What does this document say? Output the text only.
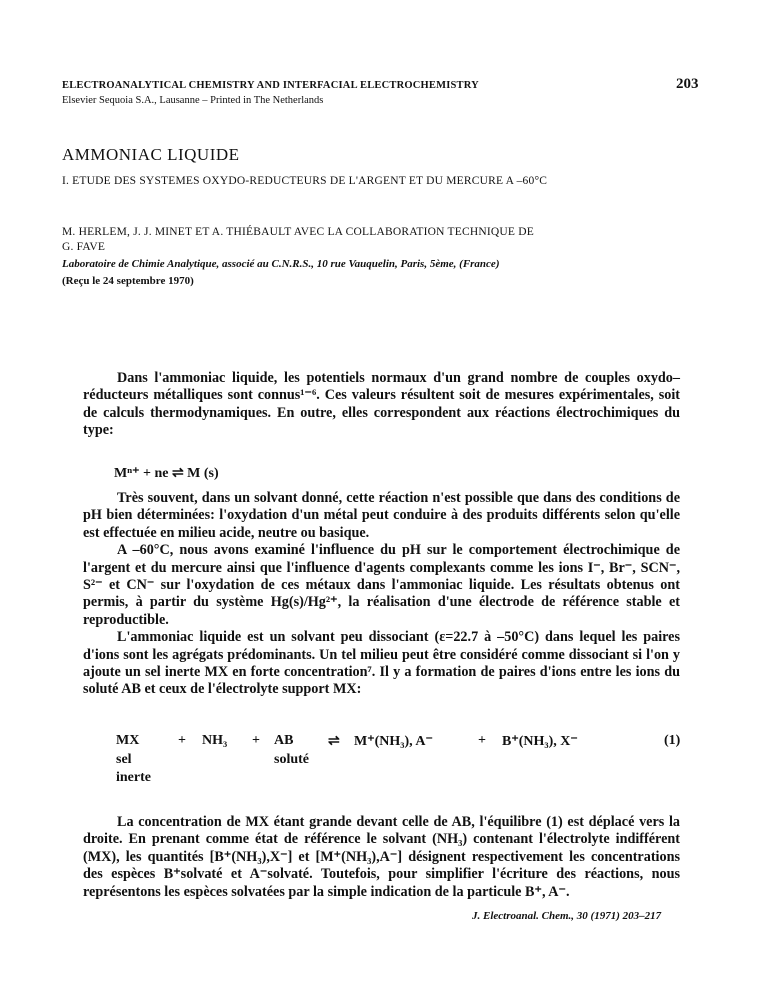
ELECTROANALYTICAL CHEMISTRY AND INTERFACIAL ELECTROCHEMISTRY	203
Elsevier Sequoia S.A., Lausanne – Printed in The Netherlands
AMMONIAC LIQUIDE
I. ETUDE DES SYSTEMES OXYDO-REDUCTEURS DE L'ARGENT ET DU MERCURE A –60°C
M. HERLEM, J. J. MINET ET A. THIÉBAULT AVEC LA COLLABORATION TECHNIQUE DE
G. FAVE
Laboratoire de Chimie Analytique, associé au C.N.R.S., 10 rue Vauquelin, Paris, 5ème, (France)
(Reçu le 24 septembre 1970)

Dans l'ammoniac liquide, les potentiels normaux d'un grand nombre de couples oxydo–réducteurs métalliques sont connus¹⁻⁶. Ces valeurs résultent soit de mesures expérimentales, soit de calculs thermodynamiques. En outre, elles correspondent aux réactions électrochimiques du type:

Mⁿ⁺ + ne ⇌ M (s)

Très souvent, dans un solvant donné, cette réaction n'est possible que dans des conditions de pH bien déterminées: l'oxydation d'un métal peut conduire à des produits différents selon qu'elle est effectuée en milieu acide, neutre ou basique.

A –60°C, nous avons examiné l'influence du pH sur le comportement électrochimique de l'argent et du mercure ainsi que l'influence d'agents complexants comme les ions I⁻, Br⁻, SCN⁻, S²⁻ et CN⁻ sur l'oxydation de ces métaux dans l'ammoniac liquide. Les résultats obtenus ont permis, à partir du système Hg(s)/Hg²⁺, la réalisation d'une électrode de référence stable et reproductible.

L'ammoniac liquide est un solvant peu dissociant (ε=22.7 à –50°C) dans lequel les paires d'ions sont les agrégats prédominants. Un tel milieu peut être considéré comme dissociant si l'on y ajoute un sel inerte MX en forte concentration⁷. Il y a formation de paires d'ions entre les ions du soluté AB et ceux de l'électrolyte support MX:

MX	+ NH₃ + AB ⇌ M⁺(NH₃), A⁻	+ B⁺(NH₃), X⁻	(1)
sel	soluté
inerte

La concentration de MX étant grande devant celle de AB, l'équilibre (1) est déplacé vers la droite. En prenant comme état de référence le solvant (NH₃) contenant l'électrolyte indifférent (MX), les quantités [B⁺(NH₃),X⁻] et [M⁺(NH₃),A⁻] désignent respectivement les concentrations des espèces B⁺solvaté et A⁻solvaté. Toutefois, pour simplifier l'écriture des réactions, nous représentons les espèces solvatées par la simple indication de la particule B⁺, A⁻.

J. Electroanal. Chem., 30 (1971) 203–217
